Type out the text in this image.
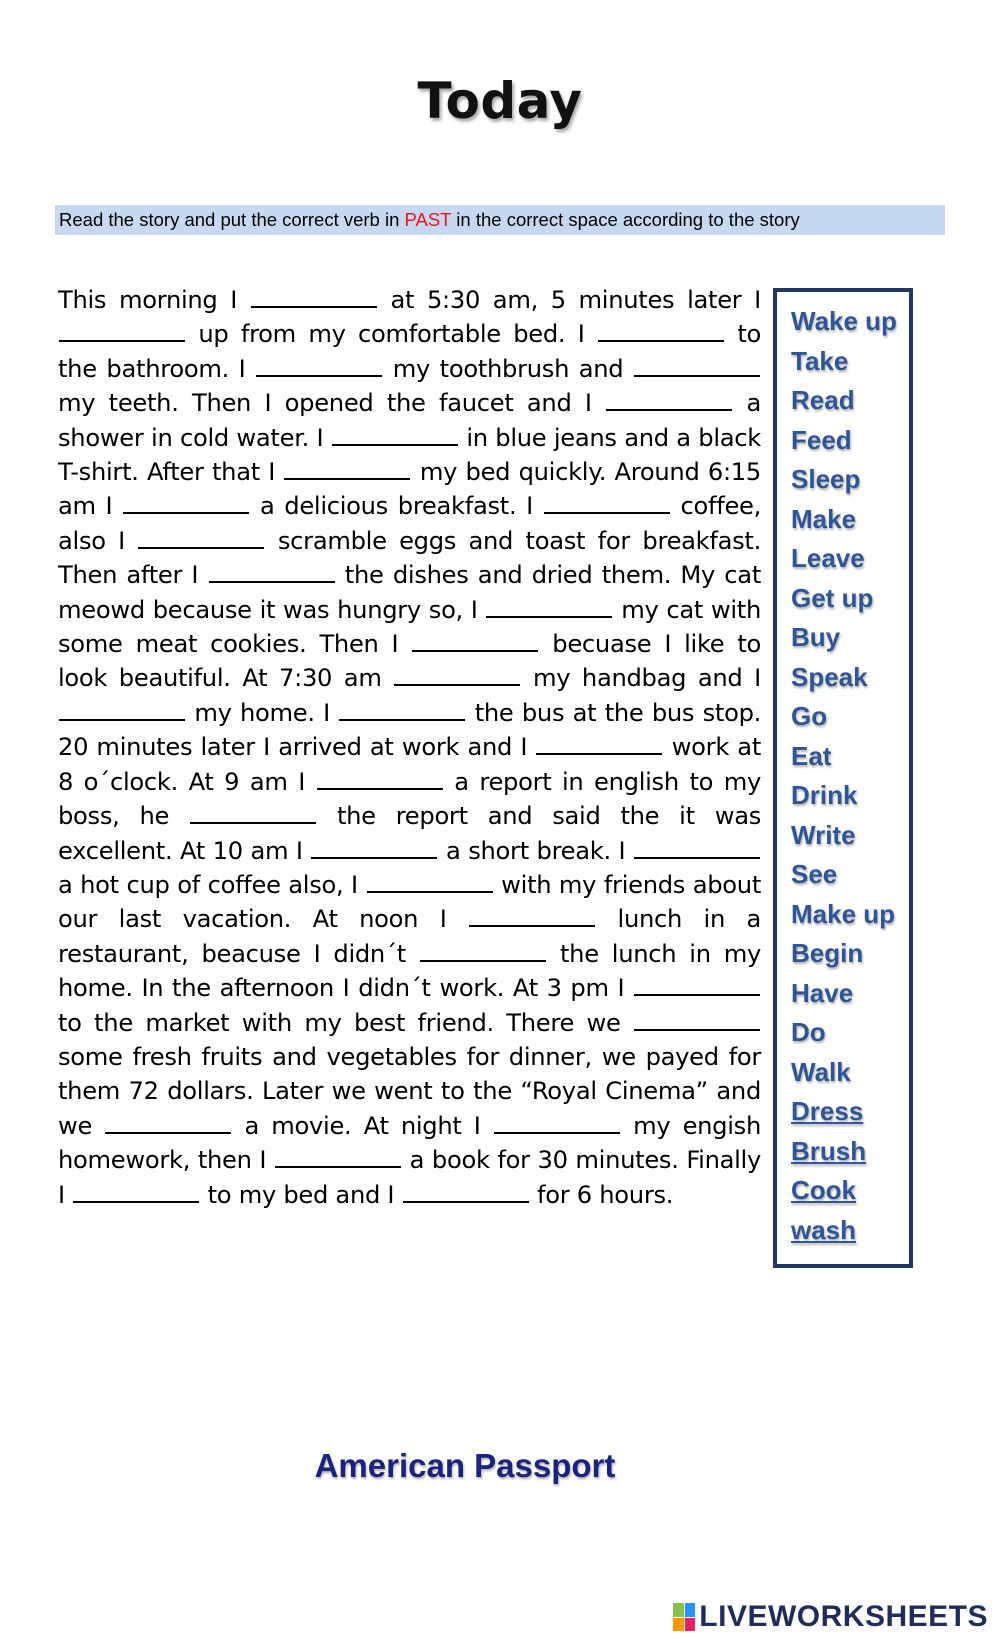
Today
Read the story and put the correct verb in PAST in the correct space according to the story
This morning I	at 5:30 am, 5 minutes later I  up from my comfortable bed. I	to the bathroom. I	my toothbrush and  my teeth. Then I opened the faucet and I	a shower in cold water. I	in blue jeans and a black T-shirt. After that I	my bed quickly. Around 6:15 am I	a delicious breakfast. I	coffee, also I	scramble eggs and toast for breakfast. Then after I	the dishes and dried them. My cat meowd because it was hungry so, I	my cat with some meat cookies. Then I	becuase I like to look beautiful. At 7:30 am	my handbag and I  my home. I	the bus at the bus stop. 20 minutes later I arrived at work and I	work at 8 o´clock. At 9 am I	a report in english to my boss, he	the report and said the it was excellent. At 10 am I	a short break. I  a hot cup of coffee also, I	with my friends about our last vacation. At noon I	lunch in a restaurant, beacuse I didn´t	the lunch in my home. In the afternoon I didn´t work. At 3 pm I  to the market with my best friend. There we  some fresh fruits and vegetables for dinner, we payed for them 72 dollars. Later we went to the “Royal Cinema” and we	a movie. At night I	my engish homework, then I	a book for 30 minutes. Finally I	to my bed and I	for 6 hours.
Wake up
Take
Read
Feed
Sleep
Make
Leave
Get up
Buy
Speak
Go
Eat
Drink
Write
See
Make up
Begin
Have
Do
Walk
Dress
Brush
Cook
wash
American Passport
LIVEWORKSHEETS
